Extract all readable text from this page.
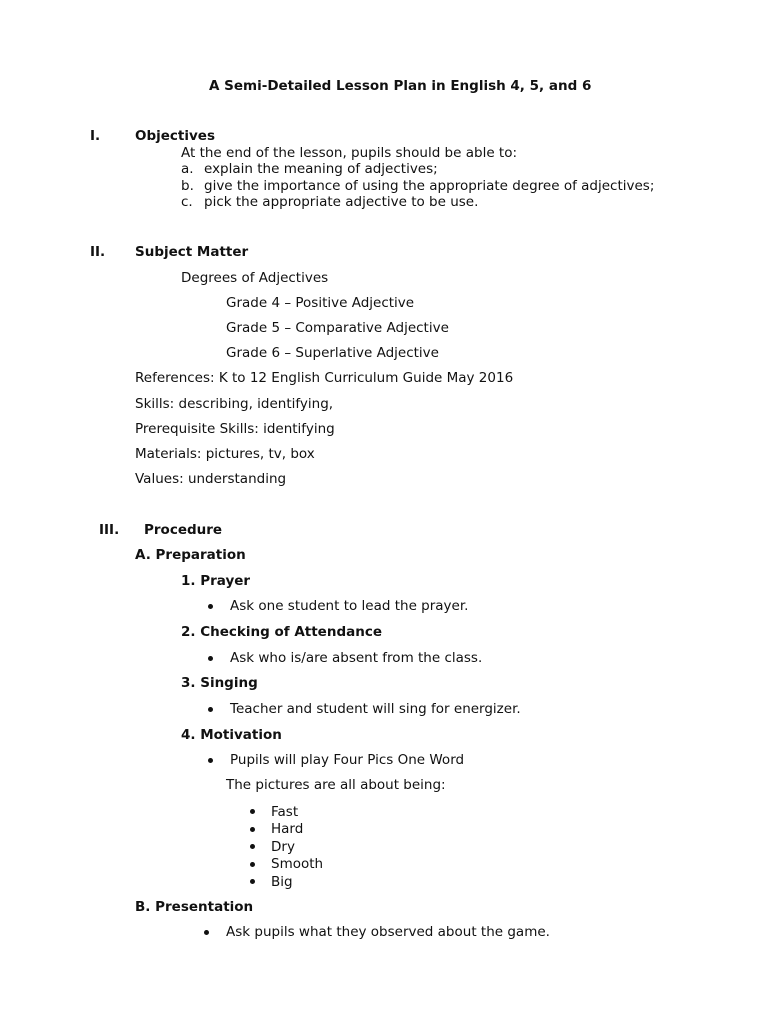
A Semi-Detailed Lesson Plan in English 4, 5, and 6
I.	Objectives
At the end of the lesson, pupils should be able to:
a. explain the meaning of adjectives;
b. give the importance of using the appropriate degree of adjectives;
c. pick the appropriate adjective to be use.
II. Subject Matter
Degrees of Adjectives
Grade 4 – Positive Adjective
Grade 5 – Comparative Adjective
Grade 6 – Superlative Adjective
References: K to 12 English Curriculum Guide May 2016
Skills: describing, identifying,
Prerequisite Skills: identifying
Materials: pictures, tv, box
Values: understanding
III. Procedure
A. Preparation
1. Prayer
Ask one student to lead the prayer.
2. Checking of Attendance
Ask who is/are absent from the class.
3. Singing
Teacher and student will sing for energizer.
4. Motivation
Pupils will play Four Pics One Word
The pictures are all about being:
Fast
Hard
Dry
Smooth
Big
B. Presentation
Ask pupils what they observed about the game.
